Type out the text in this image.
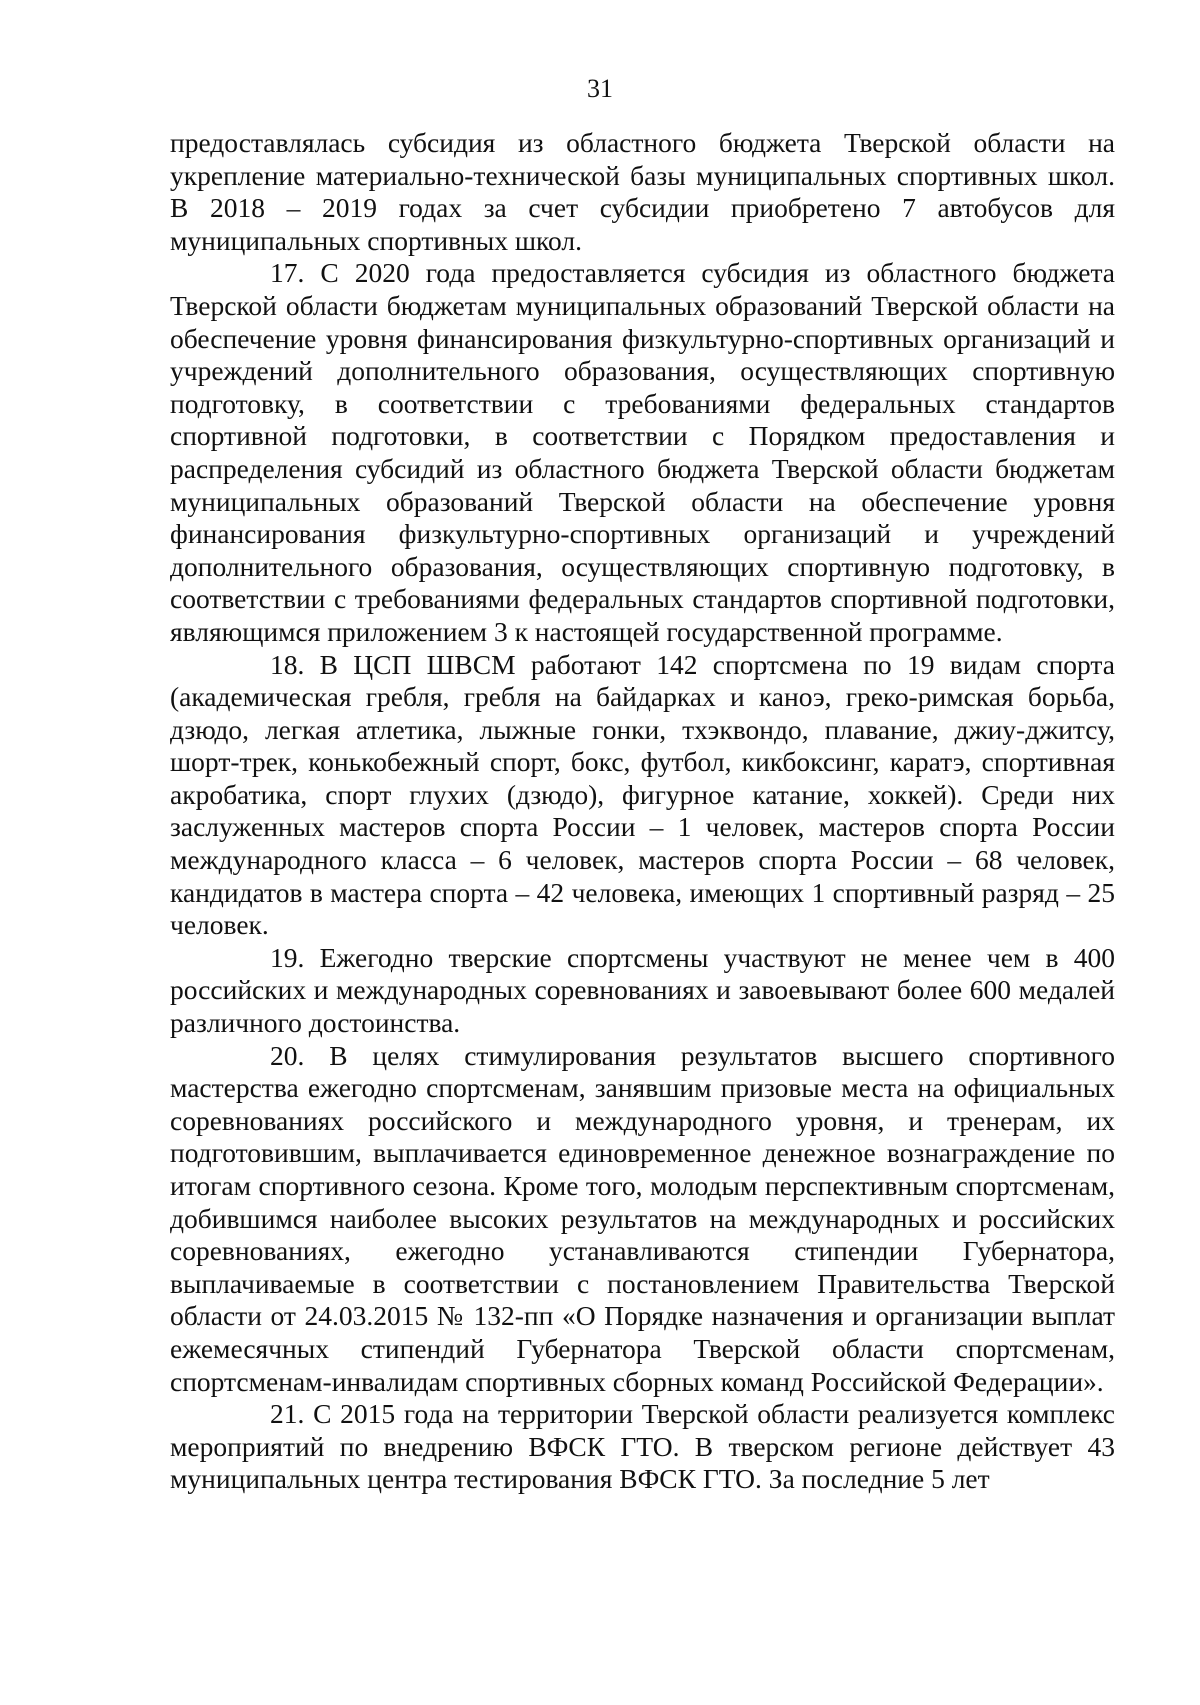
31

предоставлялась субсидия из областного бюджета Тверской области на укрепление материально-технической базы муниципальных спортивных школ. В 2018 – 2019 годах за счет субсидии приобретено 7 автобусов для муниципальных спортивных школ.

17. С 2020 года предоставляется субсидия из областного бюджета Тверской области бюджетам муниципальных образований Тверской области на обеспечение уровня финансирования физкультурно-спортивных организаций и учреждений дополнительного образования, осуществляющих спортивную подготовку, в соответствии с требованиями федеральных стандартов спортивной подготовки, в соответствии с Порядком предоставления и распределения субсидий из областного бюджета Тверской области бюджетам муниципальных образований Тверской области на обеспечение уровня финансирования физкультурно-спортивных организаций и учреждений дополнительного образования, осуществляющих спортивную подготовку, в соответствии с требованиями федеральных стандартов спортивной подготовки, являющимся приложением 3 к настоящей государственной программе.

18. В ЦСП ШВСМ работают 142 спортсмена по 19 видам спорта (академическая гребля, гребля на байдарках и каноэ, греко-римская борьба, дзюдо, легкая атлетика, лыжные гонки, тхэквондо, плавание, джиу-джитсу, шорт-трек, конькобежный спорт, бокс, футбол, кикбоксинг, каратэ, спортивная акробатика, спорт глухих (дзюдо), фигурное катание, хоккей). Среди них заслуженных мастеров спорта России – 1 человек, мастеров спорта России международного класса – 6 человек, мастеров спорта России – 68 человек, кандидатов в мастера спорта – 42 человека, имеющих 1 спортивный разряд – 25 человек.

19. Ежегодно тверские спортсмены участвуют не менее чем в 400 российских и международных соревнованиях и завоевывают более 600 медалей различного достоинства.

20. В целях стимулирования результатов высшего спортивного мастерства ежегодно спортсменам, занявшим призовые места на официальных соревнованиях российского и международного уровня, и тренерам, их подготовившим, выплачивается единовременное денежное вознаграждение по итогам спортивного сезона. Кроме того, молодым перспективным спортсменам, добившимся наиболее высоких результатов на международных и российских соревнованиях, ежегодно устанавливаются стипендии Губернатора, выплачиваемые в соответствии с постановлением Правительства Тверской области от 24.03.2015 № 132-пп «О Порядке назначения и организации выплат ежемесячных стипендий Губернатора Тверской области спортсменам, спортсменам-инвалидам спортивных сборных команд Российской Федерации».

21. С 2015 года на территории Тверской области реализуется комплекс мероприятий по внедрению ВФСК ГТО. В тверском регионе действует 43 муниципальных центра тестирования ВФСК ГТО. За последние 5 лет
